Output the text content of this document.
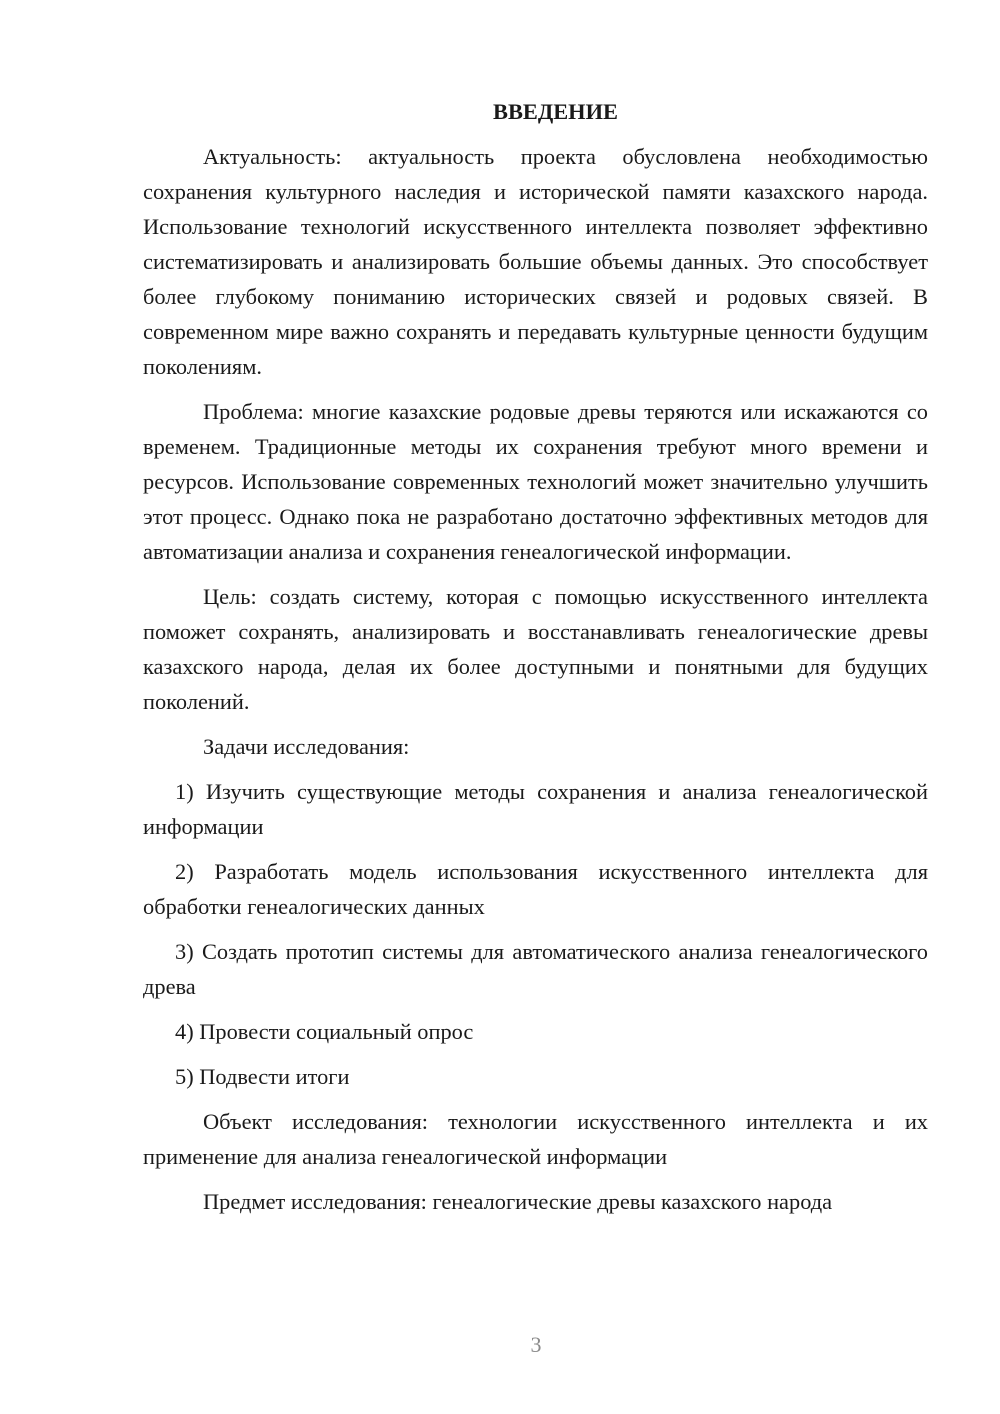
ВВЕДЕНИЕ

Актуальность: актуальность проекта обусловлена необходимостью сохранения культурного наследия и исторической памяти казахского народа. Использование технологий искусственного интеллекта позволяет эффективно систематизировать и анализировать большие объемы данных. Это способствует более глубокому пониманию исторических связей и родовых связей. В современном мире важно сохранять и передавать культурные ценности будущим поколениям.

Проблема: многие казахские родовые древы теряются или искажаются со временем. Традиционные методы их сохранения требуют много времени и ресурсов. Использование современных технологий может значительно улучшить этот процесс. Однако пока не разработано достаточно эффективных методов для автоматизации анализа и сохранения генеалогической информации.

Цель: создать систему, которая с помощью искусственного интеллекта поможет сохранять, анализировать и восстанавливать генеалогические древы казахского народа, делая их более доступными и понятными для будущих поколений.

Задачи исследования:

1) Изучить существующие методы сохранения и анализа генеалогической информации

2) Разработать модель использования искусственного интеллекта для обработки генеалогических данных

3) Создать прототип системы для автоматического анализа генеалогического древа

4) Провести социальный опрос

5) Подвести итоги

Объект исследования: технологии искусственного интеллекта и их применение для анализа генеалогической информации

Предмет исследования: генеалогические древы казахского народа

3
